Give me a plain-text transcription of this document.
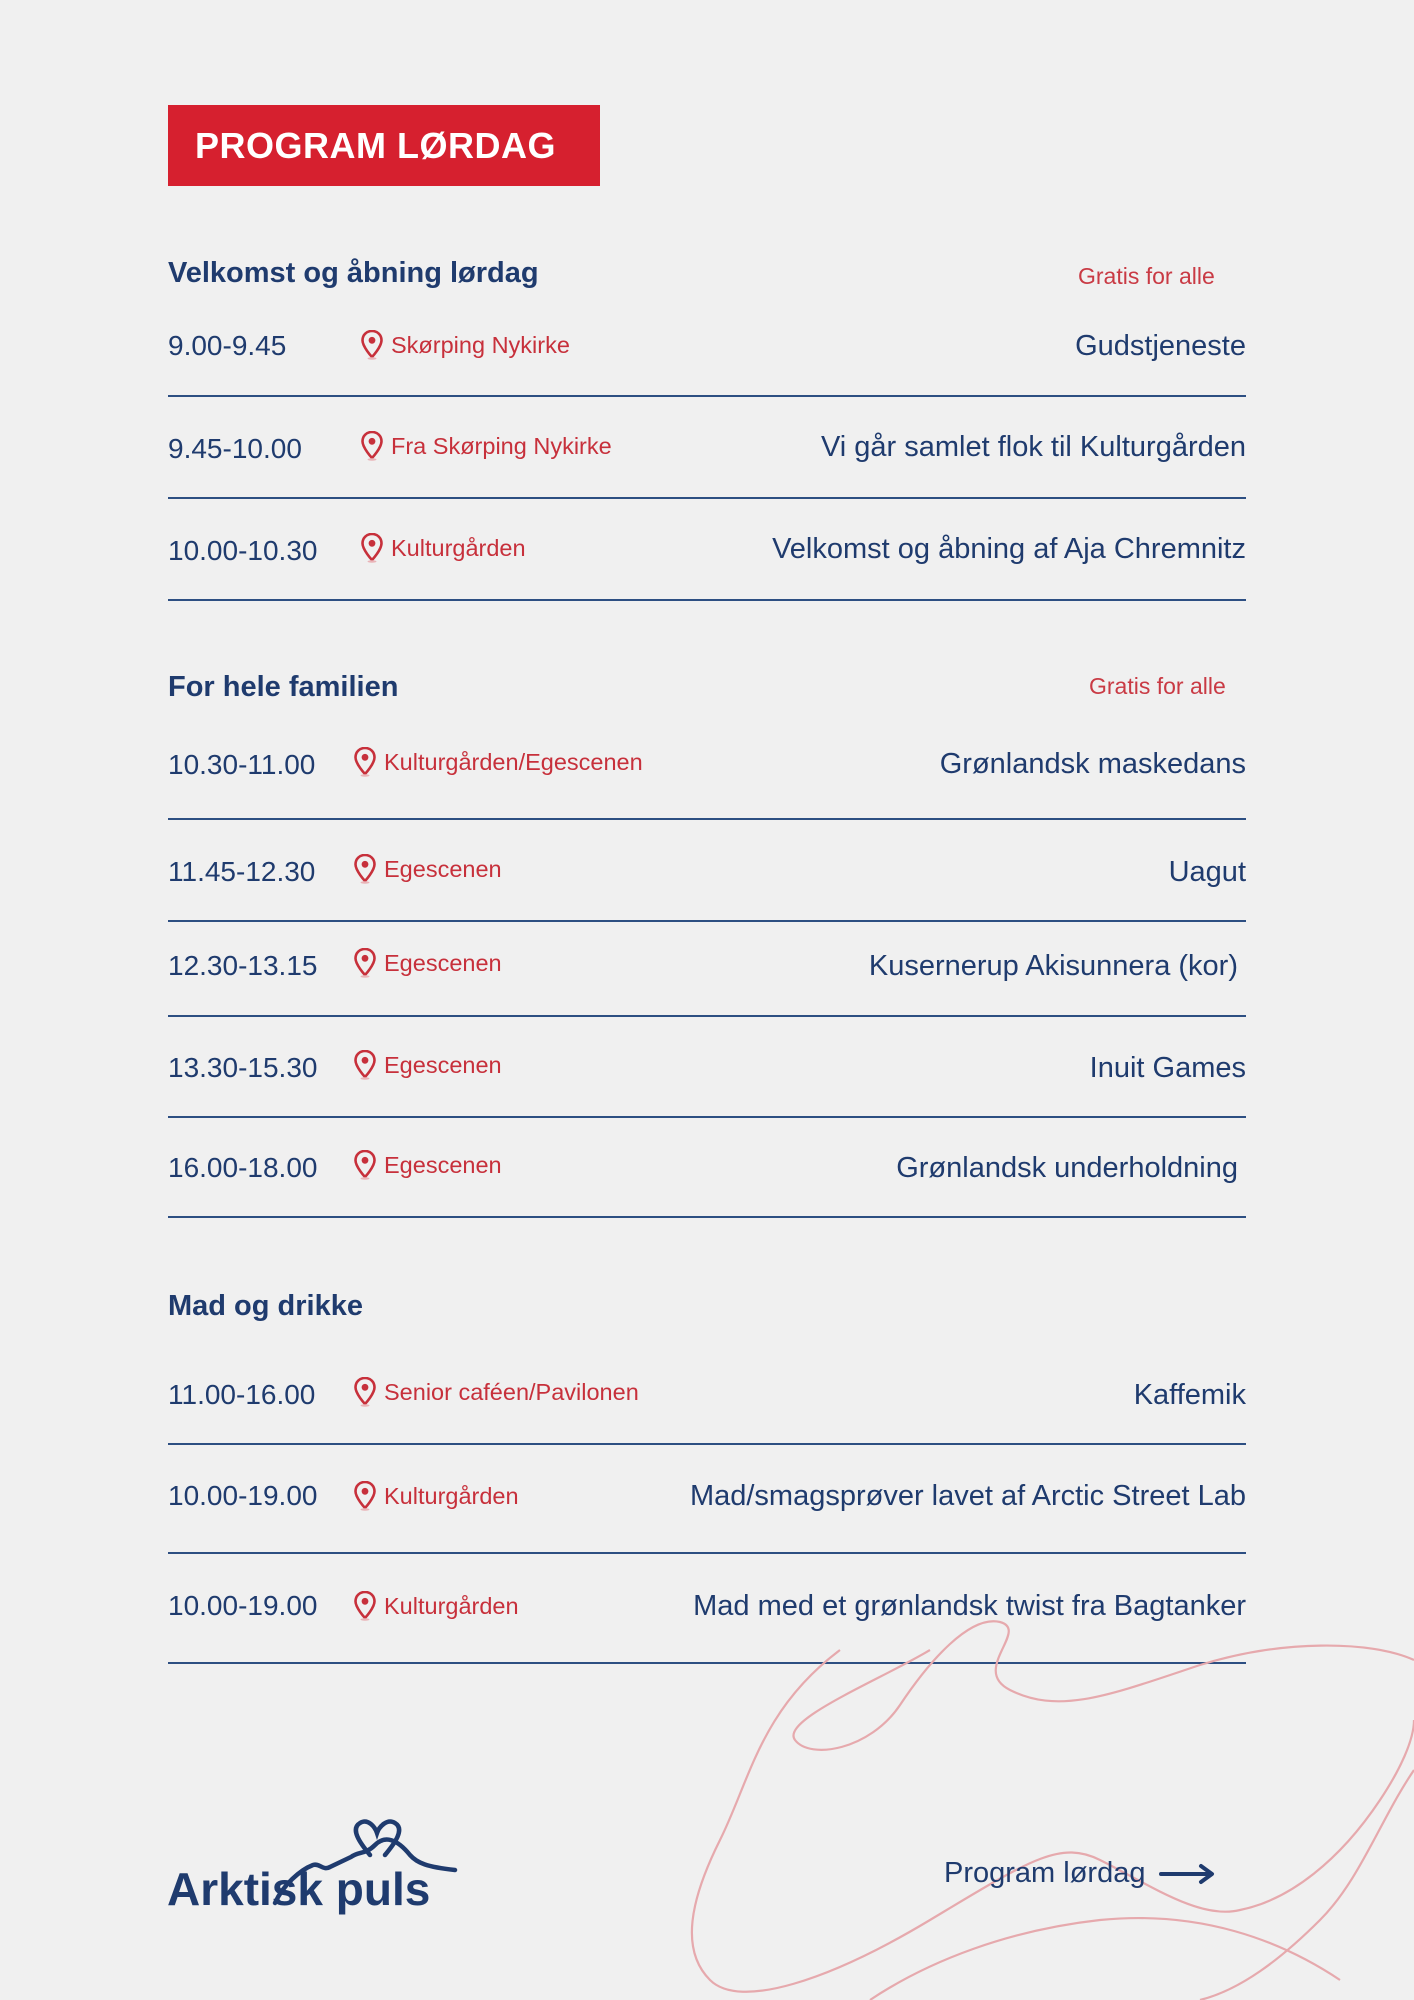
PROGRAM LØRDAG
Velkomst og åbning lørdag	Gratis for alle
9.00-9.45	Skørping Nykirke	Gudstjeneste
9.45-10.00	Fra Skørping Nykirke	Vi går samlet flok til Kulturgården
10.00-10.30	Kulturgården	Velkomst og åbning af Aja Chremnitz
For hele familien	Gratis for alle
10.30-11.00	Kulturgården/Egescenen	Grønlandsk maskedans
11.45-12.30	Egescenen	Uagut
12.30-13.15	Egescenen	Kusernerup Akisunnera (kor)
13.30-15.30	Egescenen	Inuit Games
16.00-18.00	Egescenen	Grønlandsk underholdning
Mad og drikke
11.00-16.00	Senior caféen/Pavilonen	Kaffemik
10.00-19.00	Kulturgården	Mad/smagsprøver lavet af Arctic Street Lab
10.00-19.00	Kulturgården	Mad med et grønlandsk twist fra Bagtanker
Arktisk puls	Program lørdag
